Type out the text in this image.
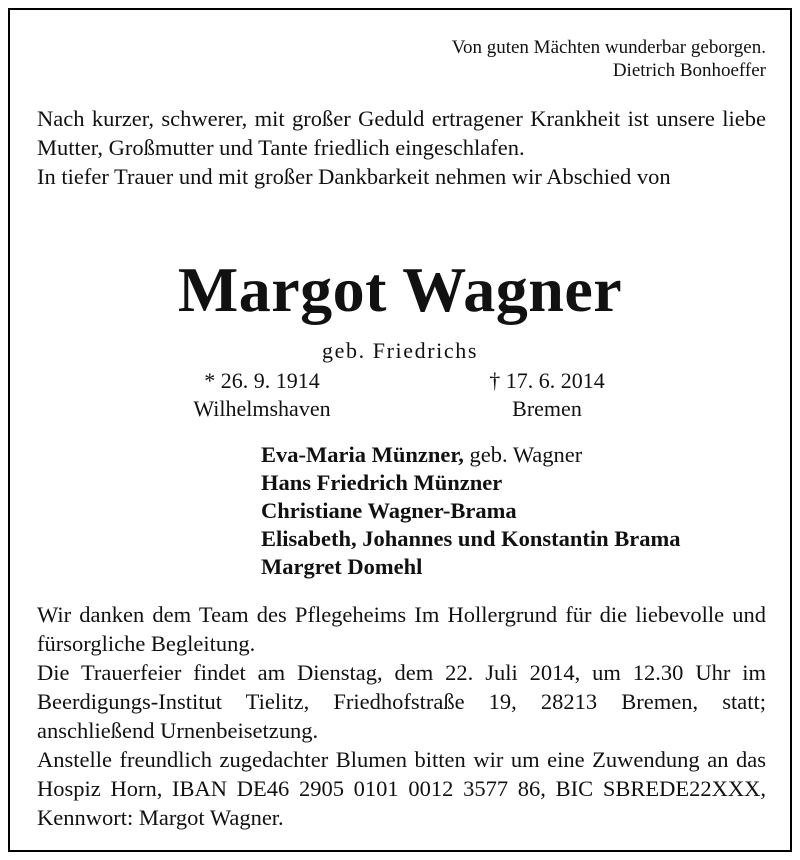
Von guten Mächten wunderbar geborgen.
Dietrich Bonhoeffer

Nach kurzer, schwerer, mit großer Geduld ertragener Krankheit ist unsere liebe Mutter, Großmutter und Tante friedlich eingeschlafen.

In tiefer Trauer und mit großer Dankbarkeit nehmen wir Abschied von

Margot Wagner
geb. Friedrichs
* 26. 9. 1914
Wilhelmshaven
† 17. 6. 2014
Bremen
Eva-Maria Münzner, geb. Wagner
Hans Friedrich Münzner
Christiane Wagner-Brama
Elisabeth, Johannes und Konstantin Brama
Margret Domehl

Wir danken dem Team des Pflegeheims Im Hollergrund für die liebevolle und fürsorgliche Begleitung.

Die Trauerfeier findet am Dienstag, dem 22. Juli 2014, um 12.30 Uhr im Beerdigungs-Institut Tielitz, Friedhofstraße 19, 28213 Bremen, statt; anschließend Urnenbeisetzung.

Anstelle freundlich zugedachter Blumen bitten wir um eine Zuwendung an das Hospiz Horn, IBAN DE46 2905 0101 0012 3577 86, BIC SBREDE22XXX, Kennwort: Margot Wagner.
